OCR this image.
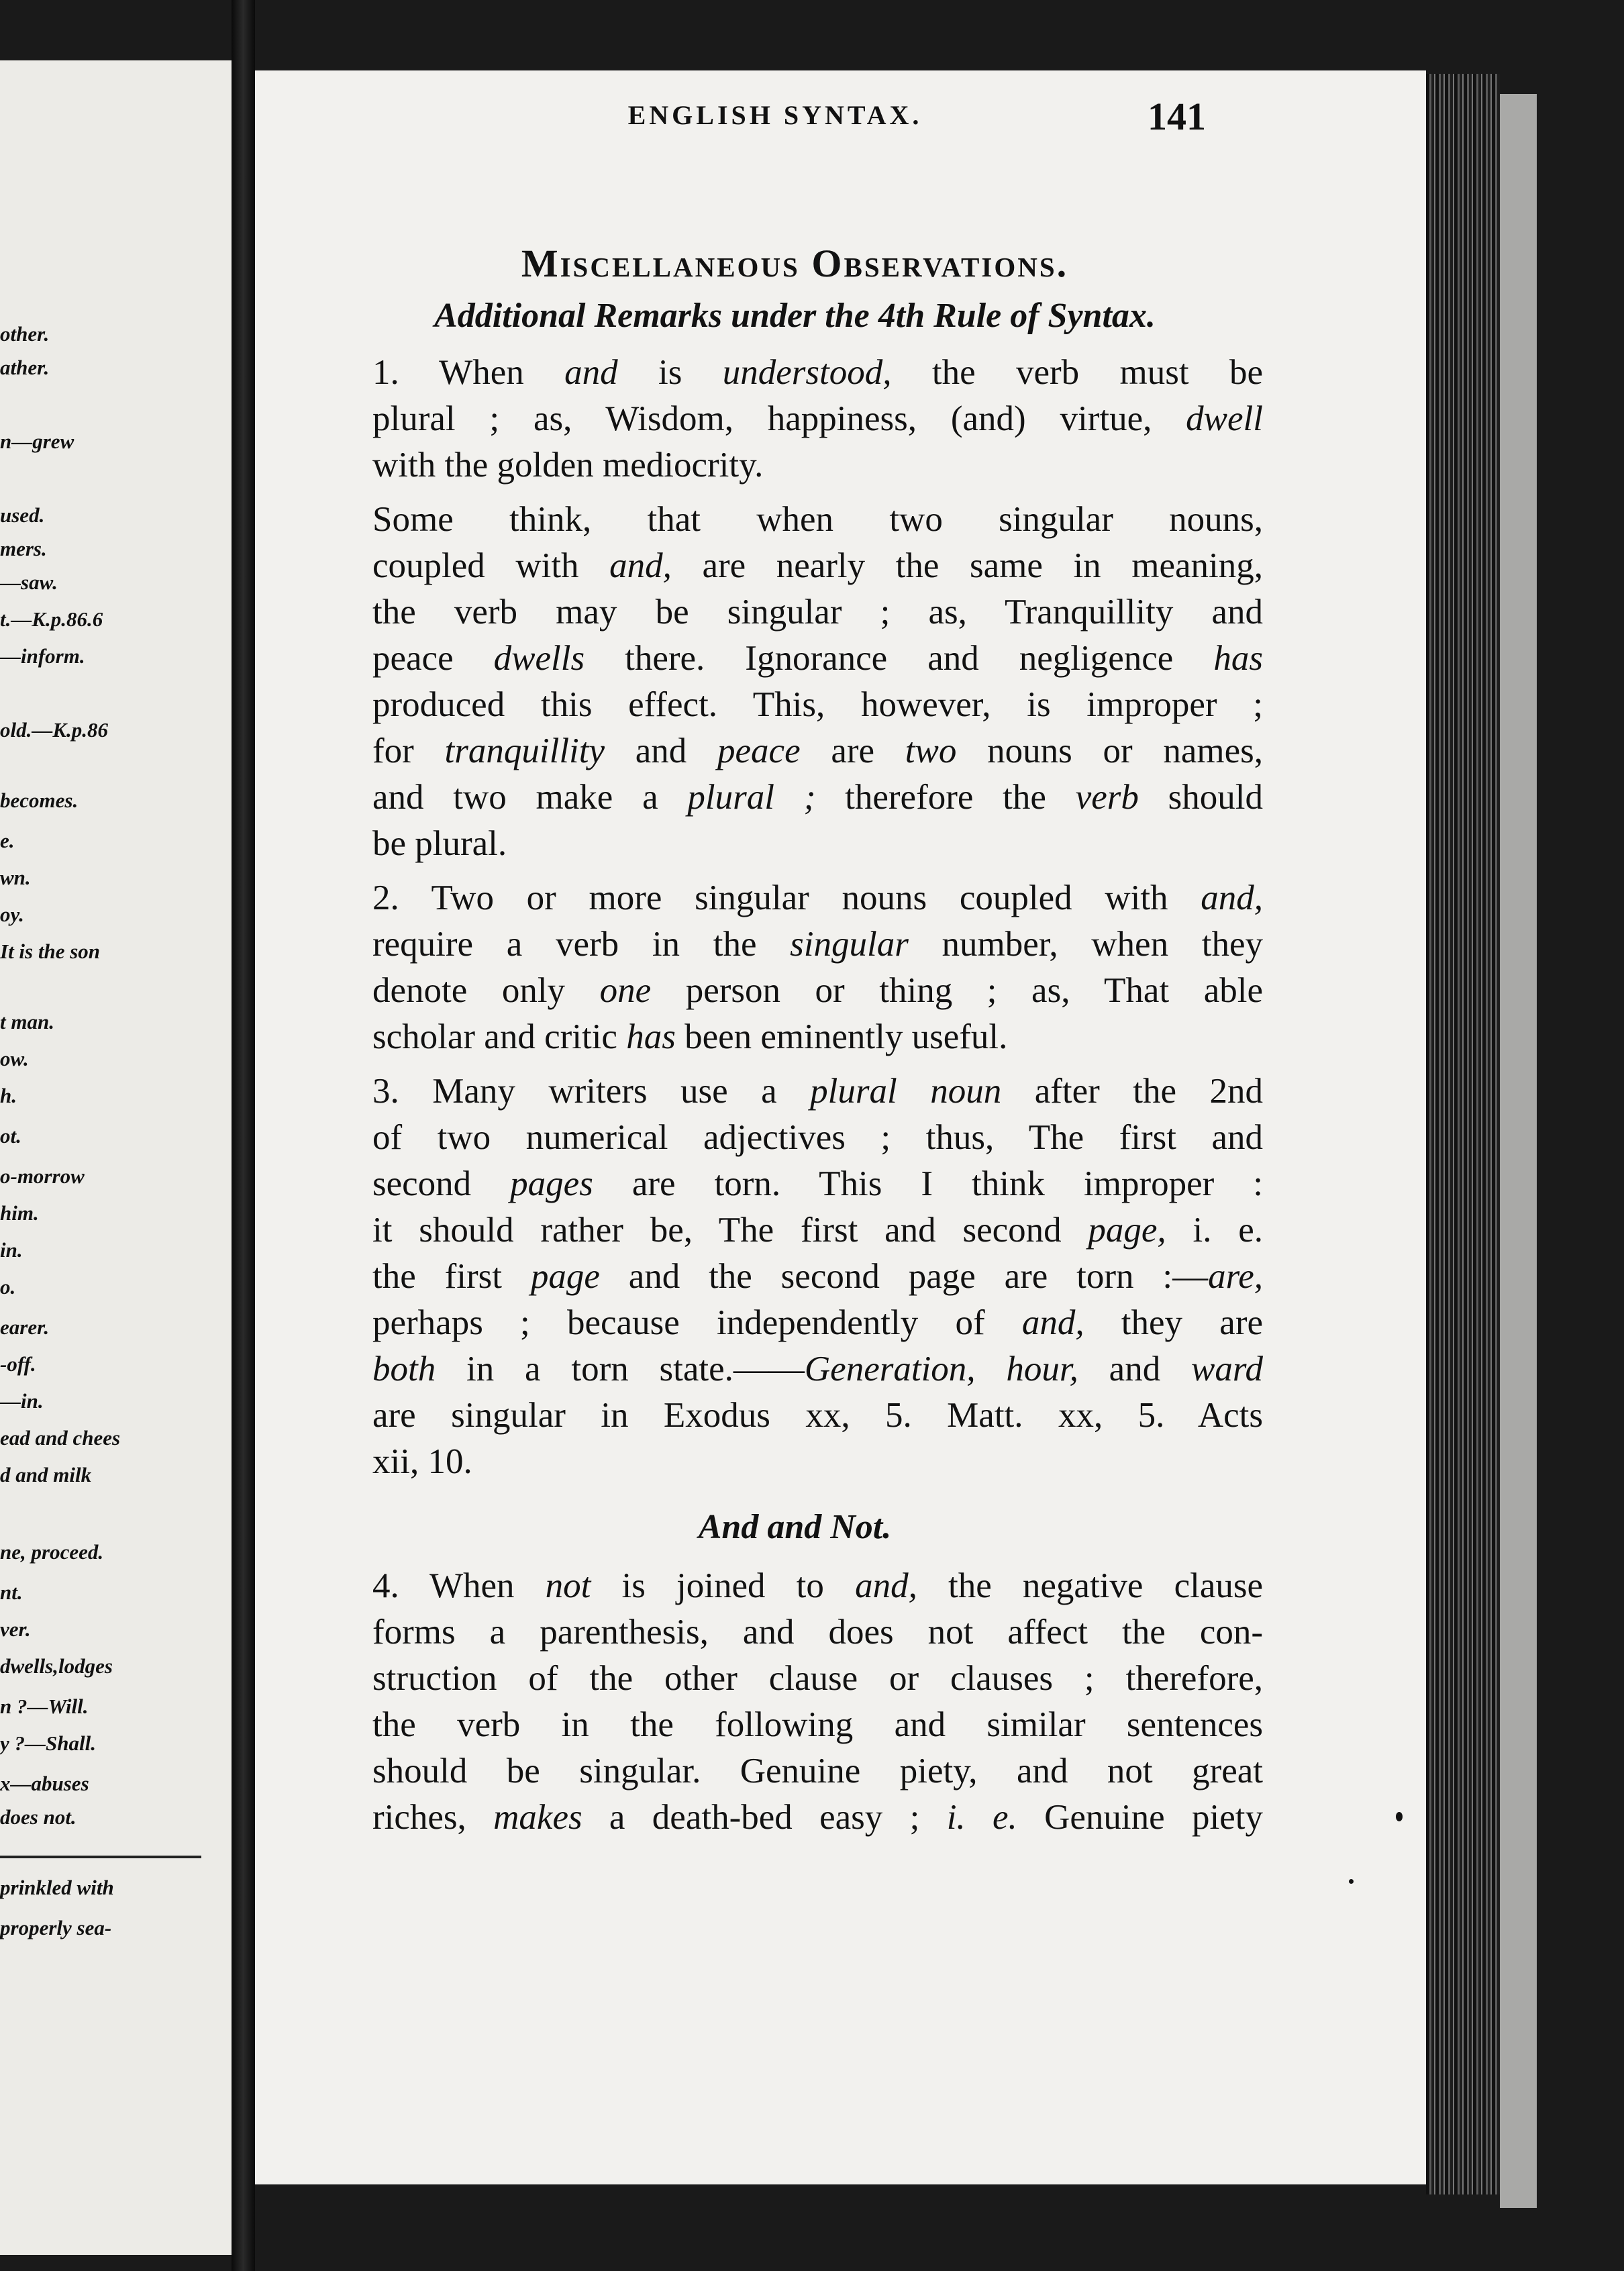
other.
ather.
n—grew
used.
mers.
—saw.
t.—K.p.86.6
—inform.
old.—K.p.86
becomes.
e.
wn.
oy.
It is the son
t man.
ow.
h.
ot.
o-morrow
him.
in.
o.
earer.
-off.
—in.
ead and chees
d and milk
ne, proceed.
nt.
ver.
dwells,lodges
n ?—Will.
y ?—Shall.
x—abuses
does not.
prinkled with
properly sea-
ENGLISH SYNTAX.	141
Miscellaneous Observations.
Additional Remarks under the 4th Rule of Syntax.

1. When and is understood, the verb must be
plural ; as, Wisdom, happiness, (and) virtue, dwell
with the golden mediocrity.

Some think, that when two singular nouns,
coupled with and, are nearly the same in meaning,
the verb may be singular ; as, Tranquillity and
peace dwells there. Ignorance and negligence has
produced this effect. This, however, is improper ;
for tranquillity and peace are two nouns or names,
and two make a plural ; therefore the verb should
be plural.

2. Two or more singular nouns coupled with and,
require a verb in the singular number, when they
denote only one person or thing ; as, That able
scholar and critic has been eminently useful.

3. Many writers use a plural noun after the 2nd
of two numerical adjectives ; thus, The first and
second pages are torn. This I think improper :
it should rather be, The first and second page, i. e.
the first page and the second page are torn :—are,
perhaps ; because independently of and, they are
both in a torn state.——Generation, hour, and ward
are singular in Exodus xx, 5. Matt. xx, 5. Acts
xii, 10.

And and Not.

4. When not is joined to and, the negative clause
forms a parenthesis, and does not affect the con-
struction of the other clause or clauses ; therefore,
the verb in the following and similar sentences
should be singular. Genuine piety, and not great
riches, makes a death-bed easy ; i. e. Genuine piety
